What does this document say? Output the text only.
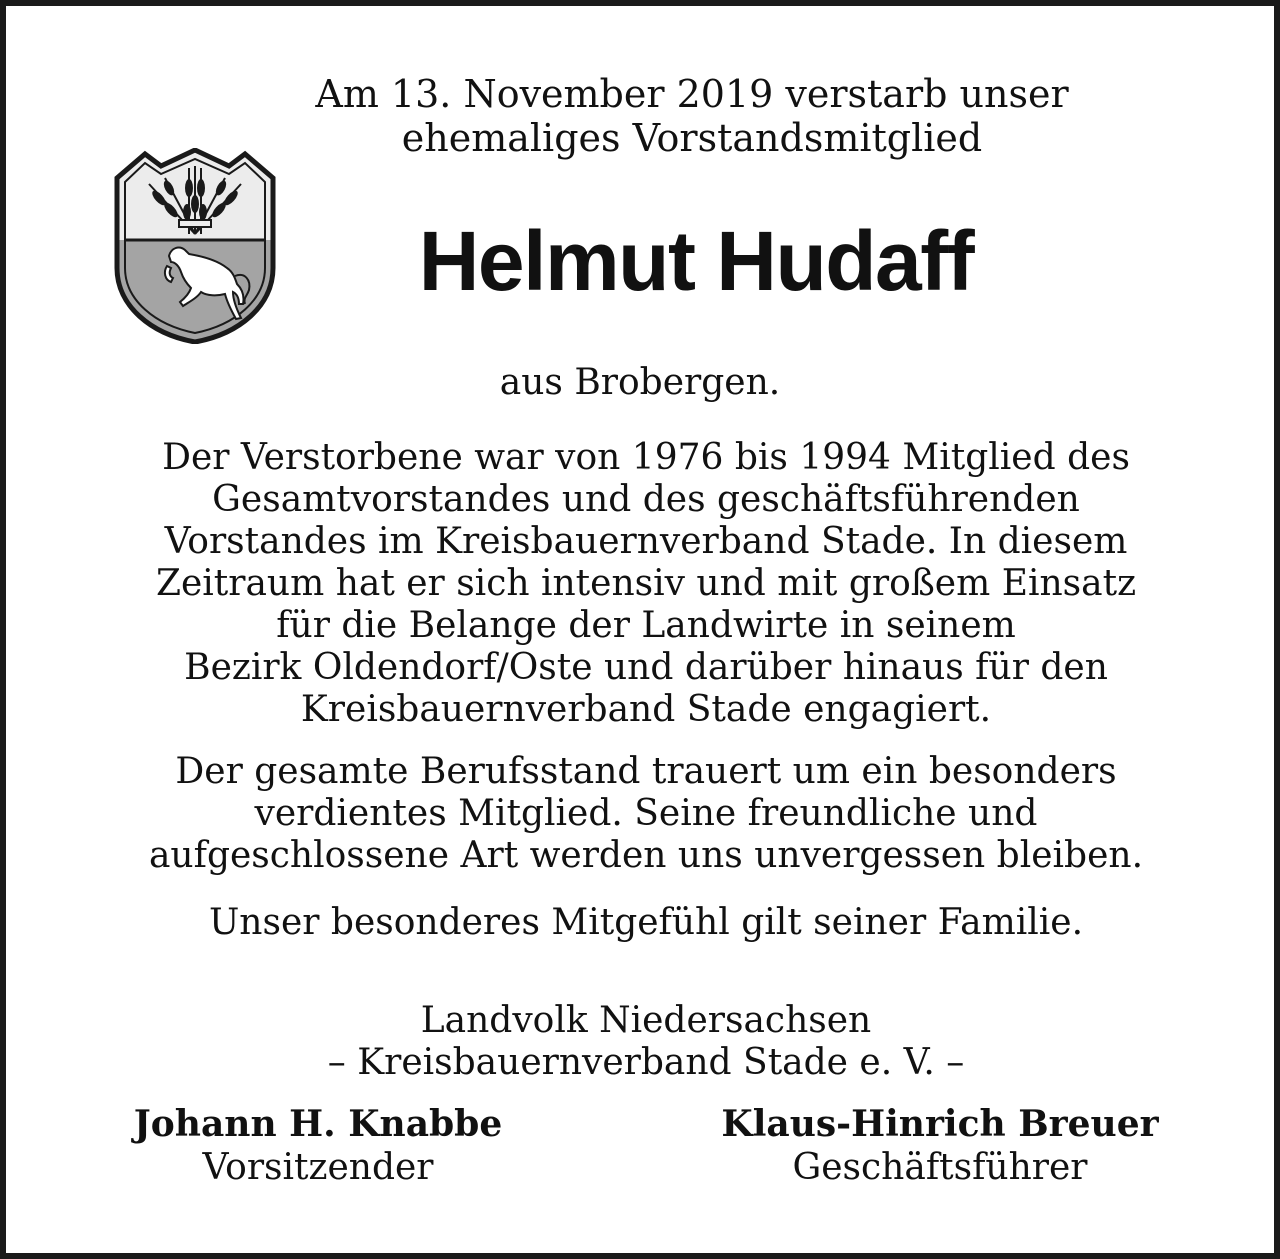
Am 13. November 2019 verstarb unser
ehemaliges Vorstandsmitglied
Helmut Hudaff
aus Brobergen.
Der Verstorbene war von 1976 bis 1994 Mitglied des
Gesamtvorstandes und des geschäftsführenden
Vorstandes im Kreisbauernverband Stade. In diesem
Zeitraum hat er sich intensiv und mit großem Einsatz
für die Belange der Landwirte in seinem
Bezirk Oldendorf/Oste und darüber hinaus für den
Kreisbauernverband Stade engagiert.
Der gesamte Berufsstand trauert um ein besonders
verdientes Mitglied. Seine freundliche und
aufgeschlossene Art werden uns unvergessen bleiben.
Unser besonderes Mitgefühl gilt seiner Familie.
Landvolk Niedersachsen
– Kreisbauernverband Stade e. V. –
Johann H. Knabbe
Vorsitzender
Klaus-Hinrich Breuer
Geschäftsführer
